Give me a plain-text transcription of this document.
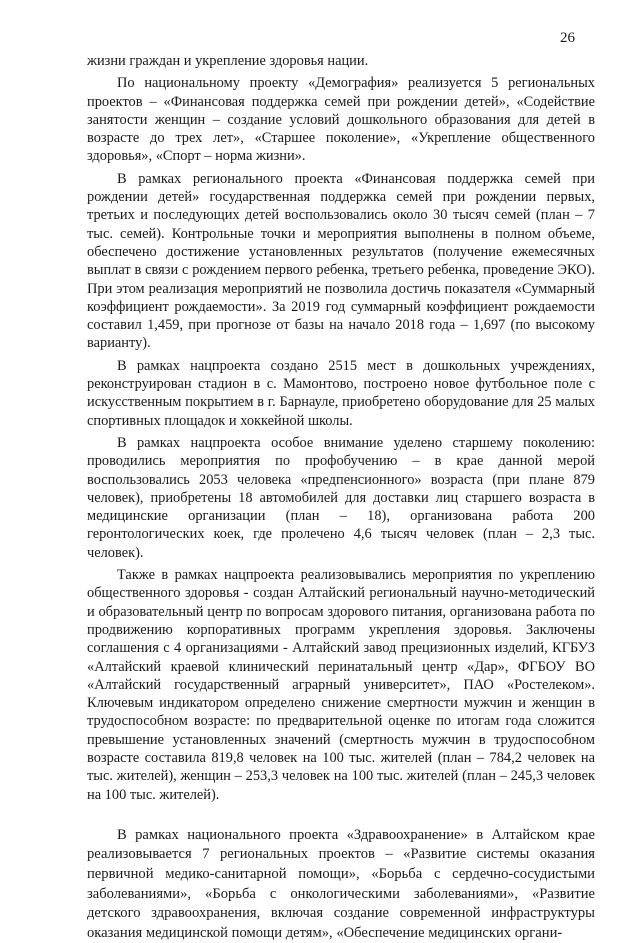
26

жизни граждан и укрепление здоровья нации.

По национальному проекту «Демография» реализуется 5 региональных проектов – «Финансовая поддержка семей при рождении детей», «Содействие занятости женщин – создание условий дошкольного образования для детей в возрасте до трех лет», «Старшее поколение», «Укрепление общественного здоровья», «Спорт – норма жизни».

В рамках регионального проекта «Финансовая поддержка семей при рождении детей» государственная поддержка семей при рождении первых, третьих и последующих детей воспользовались около 30 тысяч семей (план – 7 тыс. семей). Контрольные точки и мероприятия выполнены в полном объеме, обеспечено достижение установленных результатов (получение ежемесячных выплат в связи с рождением первого ребенка, третьего ребенка, проведение ЭКО). При этом реализация мероприятий не позволила достичь показателя «Суммарный коэффициент рождаемости». За 2019 год суммарный коэффициент рождаемости составил 1,459, при прогнозе от базы на начало 2018 года – 1,697 (по высокому варианту).

В рамках нацпроекта создано 2515 мест в дошкольных учреждениях, реконструирован стадион в с. Мамонтово, построено новое футбольное поле с искусственным покрытием в г. Барнауле, приобретено оборудование для 25 малых спортивных площадок и хоккейной школы.

В рамках нацпроекта особое внимание уделено старшему поколению: проводились мероприятия по профобучению – в крае данной мерой воспользовались 2053 человека «предпенсионного» возраста (при плане 879 человек), приобретены 18 автомобилей для доставки лиц старшего возраста в медицинские организации (план – 18), организована работа 200 геронтологических коек, где пролечено 4,6 тысяч человек (план – 2,3 тыс. человек).

Также в рамках нацпроекта реализовывались мероприятия по укреплению общественного здоровья - создан Алтайский региональный научно-методический и образовательный центр по вопросам здорового питания, организована работа по продвижению корпоративных программ укрепления здоровья. Заключены соглашения с 4 организациями - Алтайский завод прецизионных изделий, КГБУЗ «Алтайский краевой клинический перинатальный центр «Дар», ФГБОУ ВО «Алтайский государственный аграрный университет», ПАО «Ростелеком». Ключевым индикатором определено снижение смертности мужчин и женщин в трудоспособном возрасте: по предварительной оценке по итогам года сложится превышение установленных значений (смертность мужчин в трудоспособном возрасте составила 819,8 человек на 100 тыс. жителей (план – 784,2 человек на тыс. жителей), женщин – 253,3 человек на 100 тыс. жителей (план – 245,3 человек на 100 тыс. жителей).

В рамках национального проекта «Здравоохранение» в Алтайском крае реализовывается 7 региональных проектов – «Развитие системы оказания первичной медико-санитарной помощи», «Борьба с сердечно-сосудистыми заболеваниями», «Борьба с онкологическими заболеваниями», «Развитие детского здравоохранения, включая создание современной инфраструктуры оказания медицинской помощи детям», «Обеспечение медицинских органи-
